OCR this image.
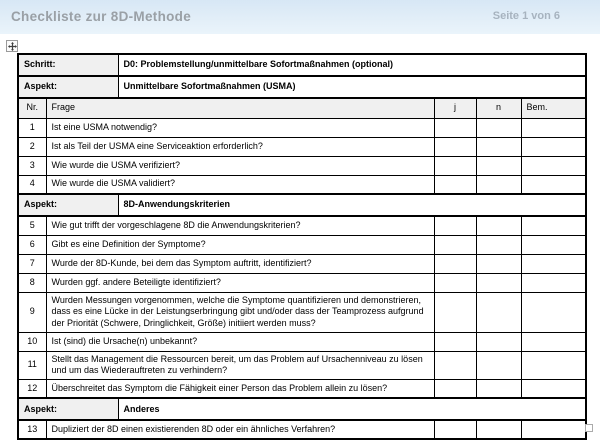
Checkliste zur 8D-Methode	Seite 1 von 6
Schritt:		D0: Problemstellung/unmittelbare Sofortmaßnahmen (optional)			
Aspekt:		Unmittelbare Sofortmaßnahmen (USMA)			
Nr.	Frage		j	n	Bem.
1	Ist eine USMA notwendig?				
2	Ist als Teil der USMA eine Serviceaktion erforderlich?				
3	Wie wurde die USMA verifiziert?				
4	Wie wurde die USMA validiert?				
Aspekt:		8D-Anwendungskriterien			
5	Wie gut trifft der vorgeschlagene 8D die Anwendungskriterien?				
6	Gibt es eine Definition der Symptome?				
7	Wurde der 8D-Kunde, bei dem das Symptom auftritt, identifiziert?				
8	Wurden ggf. andere Beteiligte identifiziert?				
9	Wurden Messungen vorgenommen, welche die Symptome quantifizieren und demonstrieren, dass es eine Lücke in der Leistungserbringung gibt und/oder dass der Teamprozess aufgrund der Priorität (Schwere, Dringlichkeit, Größe) initiiert werden muss?				
10	Ist (sind) die Ursache(n) unbekannt?				
11	Stellt das Management die Ressourcen bereit, um das Problem auf Ursachenniveau zu lösen und um das Wiederauftreten zu verhindern?				
12	Überschreitet das Symptom die Fähigkeit einer Person das Problem allein zu lösen?				
Aspekt:		Anderes			
13	Dupliziert der 8D einen existierenden 8D oder ein ähnliches Verfahren?				
